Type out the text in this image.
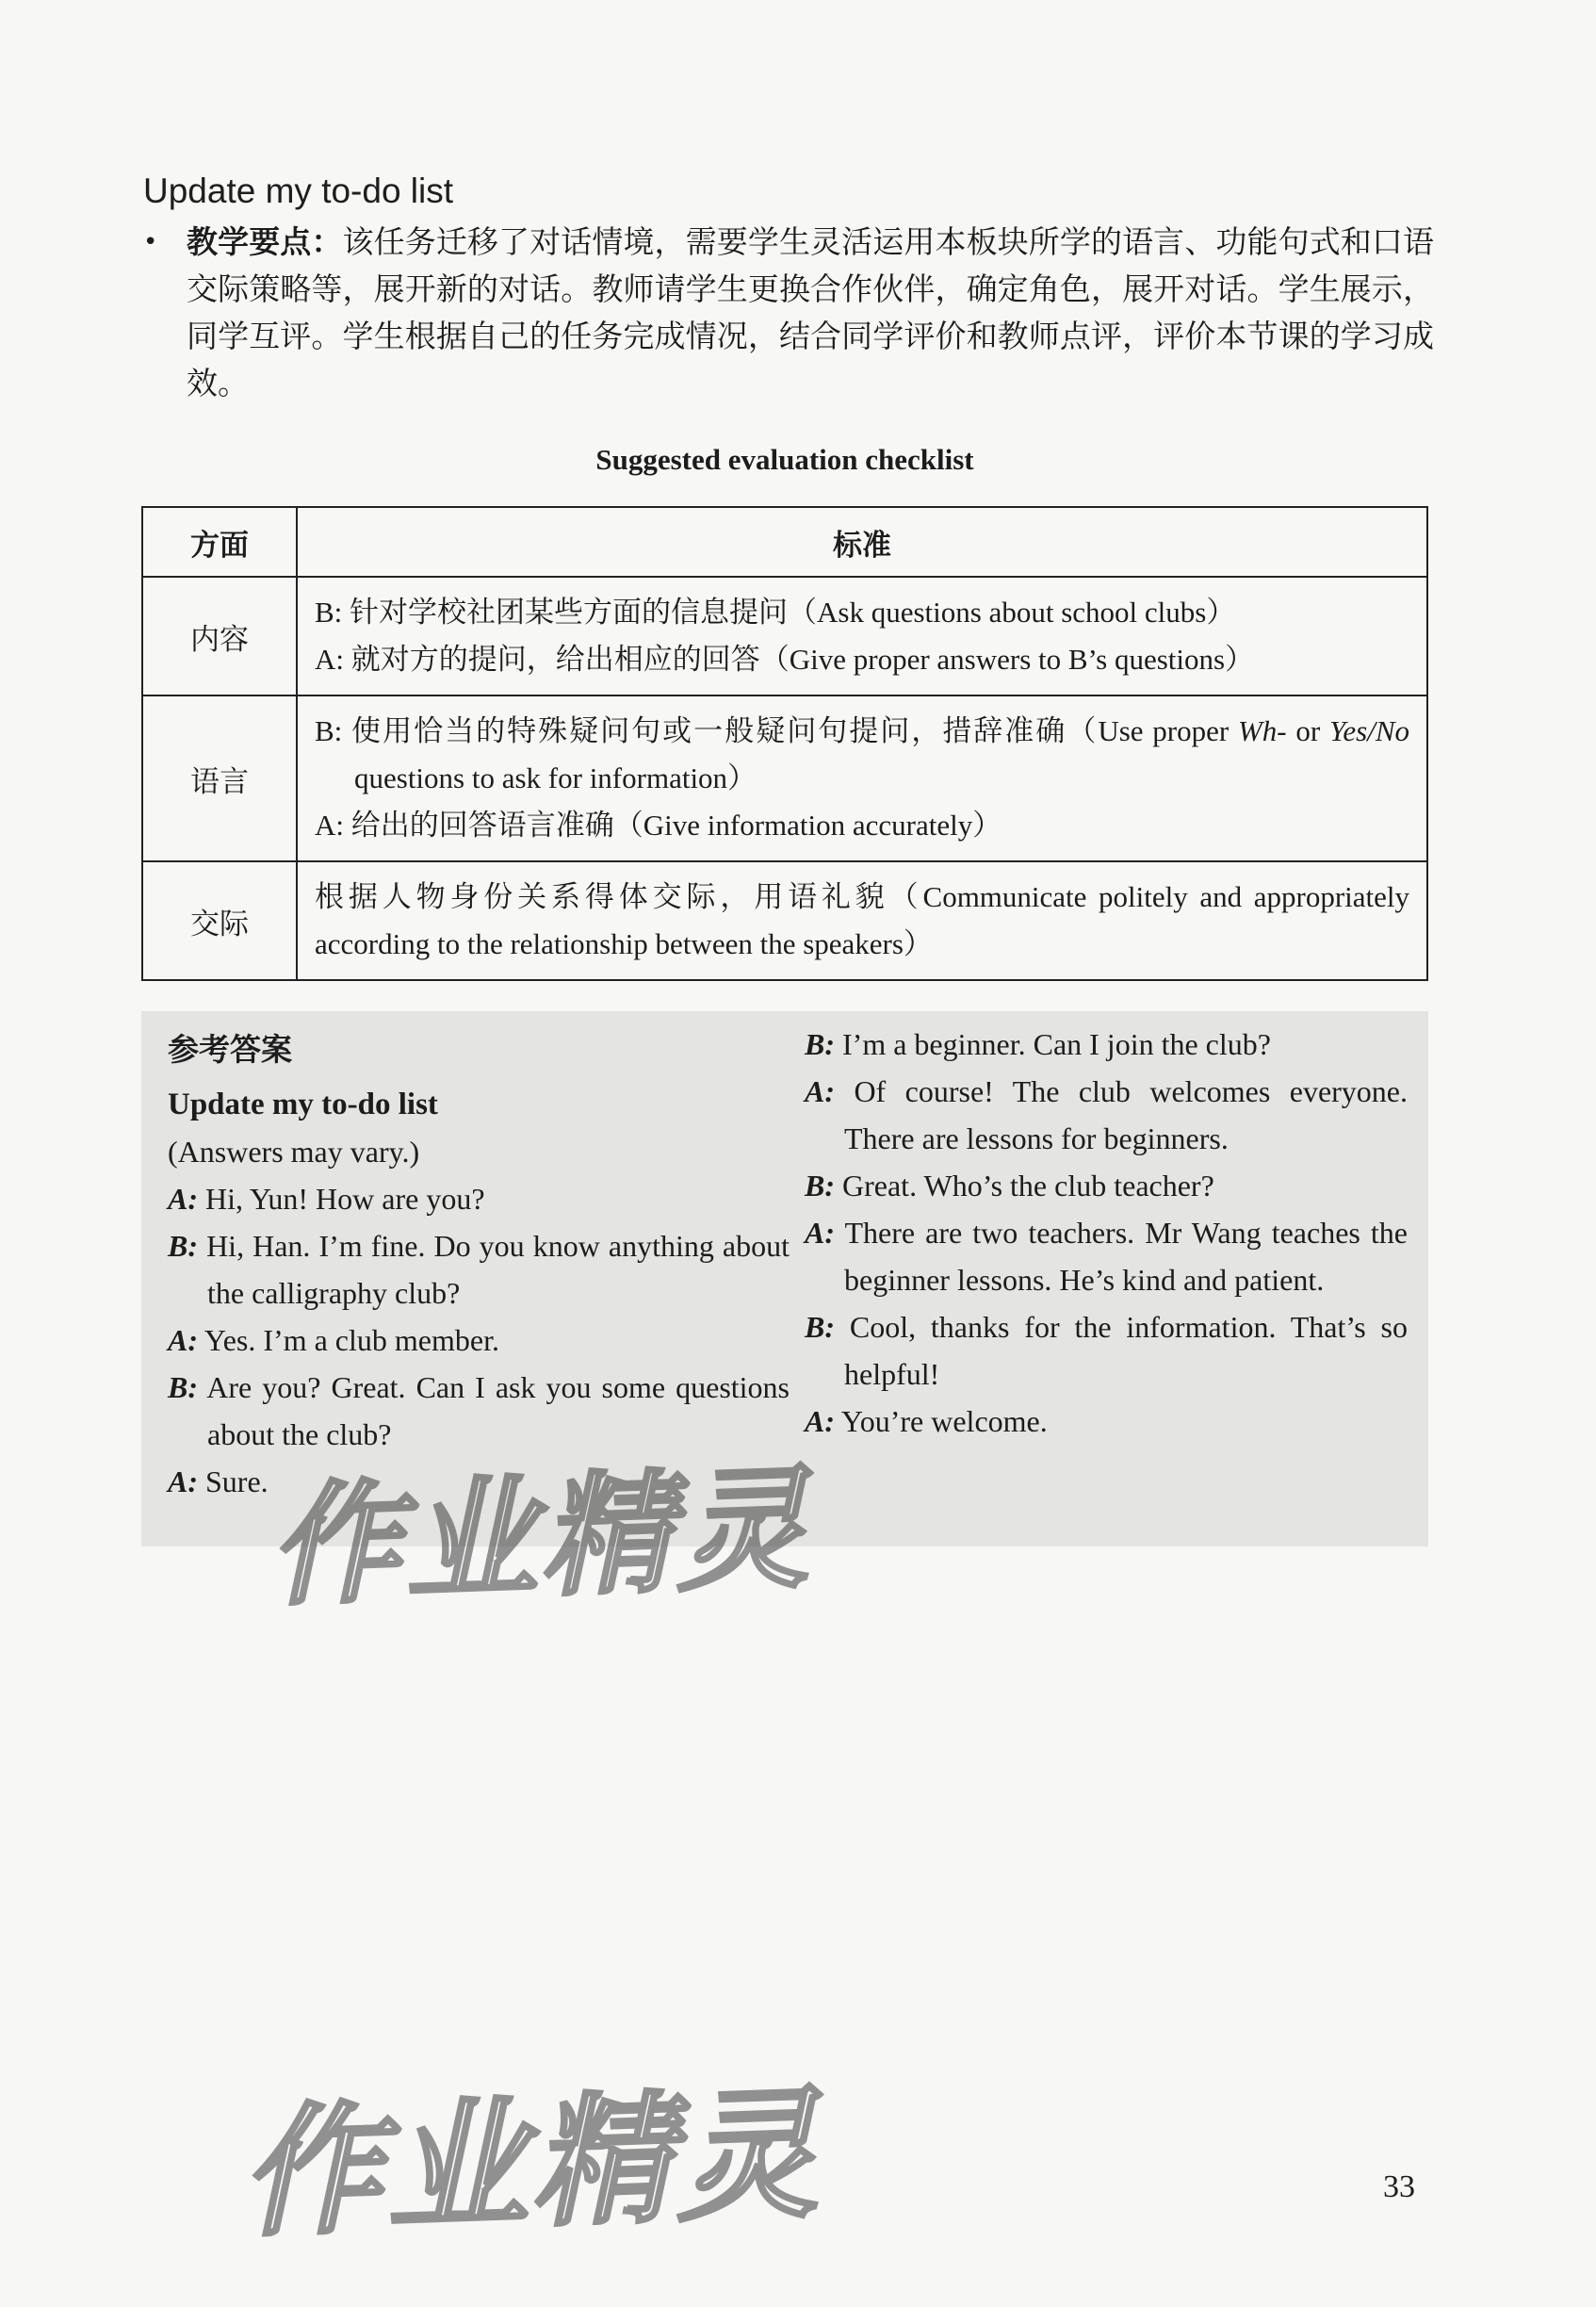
Update my to-do list
• 教学要点：该任务迁移了对话情境，需要学生灵活运用本板块所学的语言、功能句式和口语交际策略等，展开新的对话。教师请学生更换合作伙伴，确定角色，展开对话。学生展示，同学互评。学生根据自己的任务完成情况，结合同学评价和教师点评，评价本节课的学习成效。
Suggested evaluation checklist
方面	标准
内容	B: 针对学校社团某些方面的信息提问（Ask questions about school clubs）
A: 就对方的提问，给出相应的回答（Give proper answers to B’s questions）

语言	B: 使用恰当的特殊疑问句或一般疑问句提问，措辞准确（Use proper Wh- or Yes/No questions to ask for information）
A: 给出的回答语言准确（Give information accurately）

交际	根据人物身份关系得体交际，用语礼貌（Communicate politely and appropriately according to the relationship between the speakers）
参考答案
Update my to-do list
(Answers may vary.)
A: Hi, Yun! How are you?
B: Hi, Han. I’m fine. Do you know anything about the calligraphy club?
A: Yes. I’m a club member.
B: Are you? Great. Can I ask you some questions about the club?
A: Sure.
B: I’m a beginner. Can I join the club?
A: Of course! The club welcomes everyone. There are lessons for beginners.
B: Great. Who’s the club teacher?
A: There are two teachers. Mr Wang teaches the beginner lessons. He’s kind and patient.
B: Cool, thanks for the information. That’s so helpful!
A: You’re welcome.
作业精灵
作业精灵	33
